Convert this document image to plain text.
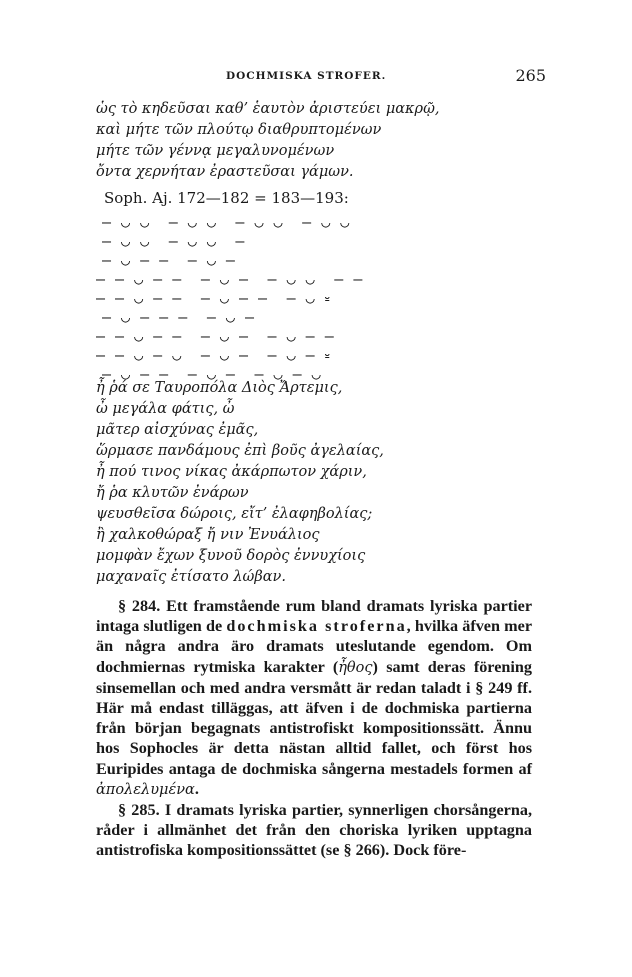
DOCHMISKA STROFER.	265
ὡς τὸ κηδεῦσαι καθ’ ἑαυτὸν ἀριστεύει μακρῷ,
καὶ μήτε τῶν πλούτῳ διαθρυπτομένων
μήτε τῶν γέννᾳ μεγαλυνομένων
ὄντα χερνήταν ἐραστεῦσαι γάμων.
Soph. Aj. 172—182 = 183—193:
— ◡ ◡  — ◡ ◡  — ◡ ◡  — ◡ ◡
— ◡ ◡  — ◡ ◡  —
— ◡ — —  — ◡ —
— — ◡ — —  — ◡ —  — ◡ ◡  — —
— — ◡ — —  — ◡ — —  — ◡ ⏓
— ◡ — — —  — ◡ —
— — ◡ — —  — ◡ —  — ◡ — —
— — ◡ — ◡  — ◡ —  — ◡ — ⏓
— ◡ — —  — ◡ —  — ◡ — ◡
ἦ ῥά σε Ταυροπόλα Διὸς Ἄρτεμις,
ὦ μεγάλα φάτις, ὦ
μᾶτερ αἰσχύνας ἐμᾶς,
ὥρμασε πανδάμους ἐπὶ βοῦς ἀγελαίας,
ἦ πού τινος νίκας ἀκάρπωτον χάριν,
ἤ ῥα κλυτῶν ἐνάρων
ψευσθεῖσα δώροις, εἴτ’ ἐλαφηβολίας;
ἢ χαλκοθώραξ ἤ νιν Ἐνυάλιος
μομφὰν ἔχων ξυνοῦ δορὸς ἐννυχίοις
μαχαναῖς ἐτίσατο λώβαν.

§ 284. Ett framstående rum bland dramats lyriska partier intaga slutligen de dochmiska stroferna, hvilka äfven mer än några andra äro dramats uteslutande egendom. Om dochmiernas rytmiska karakter (ἦθος) samt deras förening sinsemellan och med andra versmått är redan taladt i § 249 ff. Här må endast tilläggas, att äfven i de dochmiska partierna från början begagnats antistrofiskt kompositionssätt. Ännu hos Sophocles är detta nästan alltid fallet, och först hos Euripides antaga de dochmiska sångerna mestadels formen af ἀπολελυμένα.

§ 285. I dramats lyriska partier, synnerligen chorsångerna, råder i allmänhet det från den choriska lyriken upptagna antistrofiska kompositionssättet (se § 266). Dock före-
